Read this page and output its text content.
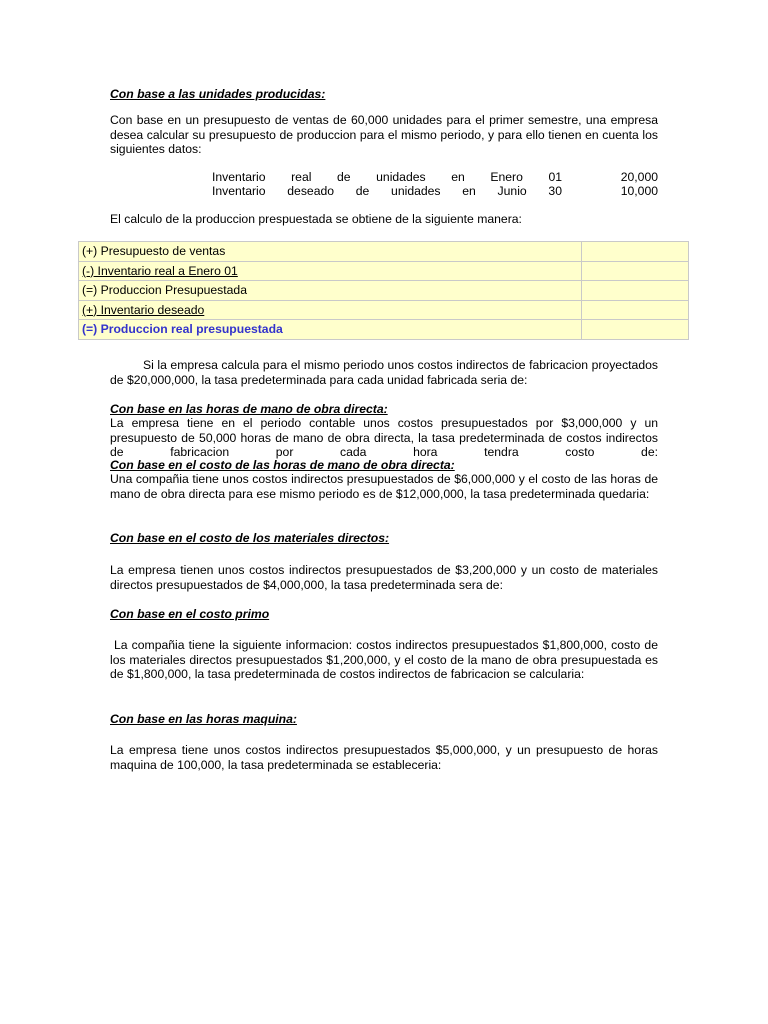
Con base a las unidades producidas:
Con base en un presupuesto de ventas de 60,000 unidades para el primer semestre, una empresa desea calcular su presupuesto de produccion para el mismo periodo, y para ello tienen en cuenta los siguientes datos:
Inventario real de unidades en Enero 01	20,000
Inventario deseado de unidades en Junio 30	10,000
El calculo de la produccion prespuestada se obtiene de la siguiente manera:
(+) Presupuesto de ventas	
(-) Inventario real a Enero 01	
(=) Produccion Presupuestada	
(+) Inventario deseado	
(=) Produccion real presupuestada	
Si la empresa calcula para el mismo periodo unos costos indirectos de fabricacion proyectados de $20,000,000, la tasa predeterminada para cada unidad fabricada seria de:
Con base en las horas de mano de obra directa:
La empresa tiene en el periodo contable unos costos presupuestados por $3,000,000 y un presupuesto de 50,000 horas de mano de obra directa, la tasa predeterminada de costos indirectos de fabricacion por cada hora tendra costo de:
Con base en el costo de las horas de mano de obra directa:
Una compañia tiene unos costos indirectos presupuestados de $6,000,000 y el costo de las horas de mano de obra directa para ese mismo periodo es de $12,000,000, la tasa predeterminada quedaria:
Con base en el costo de los materiales directos:
La empresa tienen unos costos indirectos presupuestados de $3,200,000 y un costo de materiales directos presupuestados de $4,000,000, la tasa predeterminada sera de:
Con base en el costo primo
La compañia tiene la siguiente informacion: costos indirectos presupuestados $1,800,000, costo de los materiales directos presupuestados $1,200,000, y el costo de la mano de obra presupuestada es de $1,800,000, la tasa predeterminada de costos indirectos de fabricacion se calcularia:
Con base en las horas maquina:
La empresa tiene unos costos indirectos presupuestados $5,000,000, y un presupuesto de horas maquina de 100,000, la tasa predeterminada se estableceria:
